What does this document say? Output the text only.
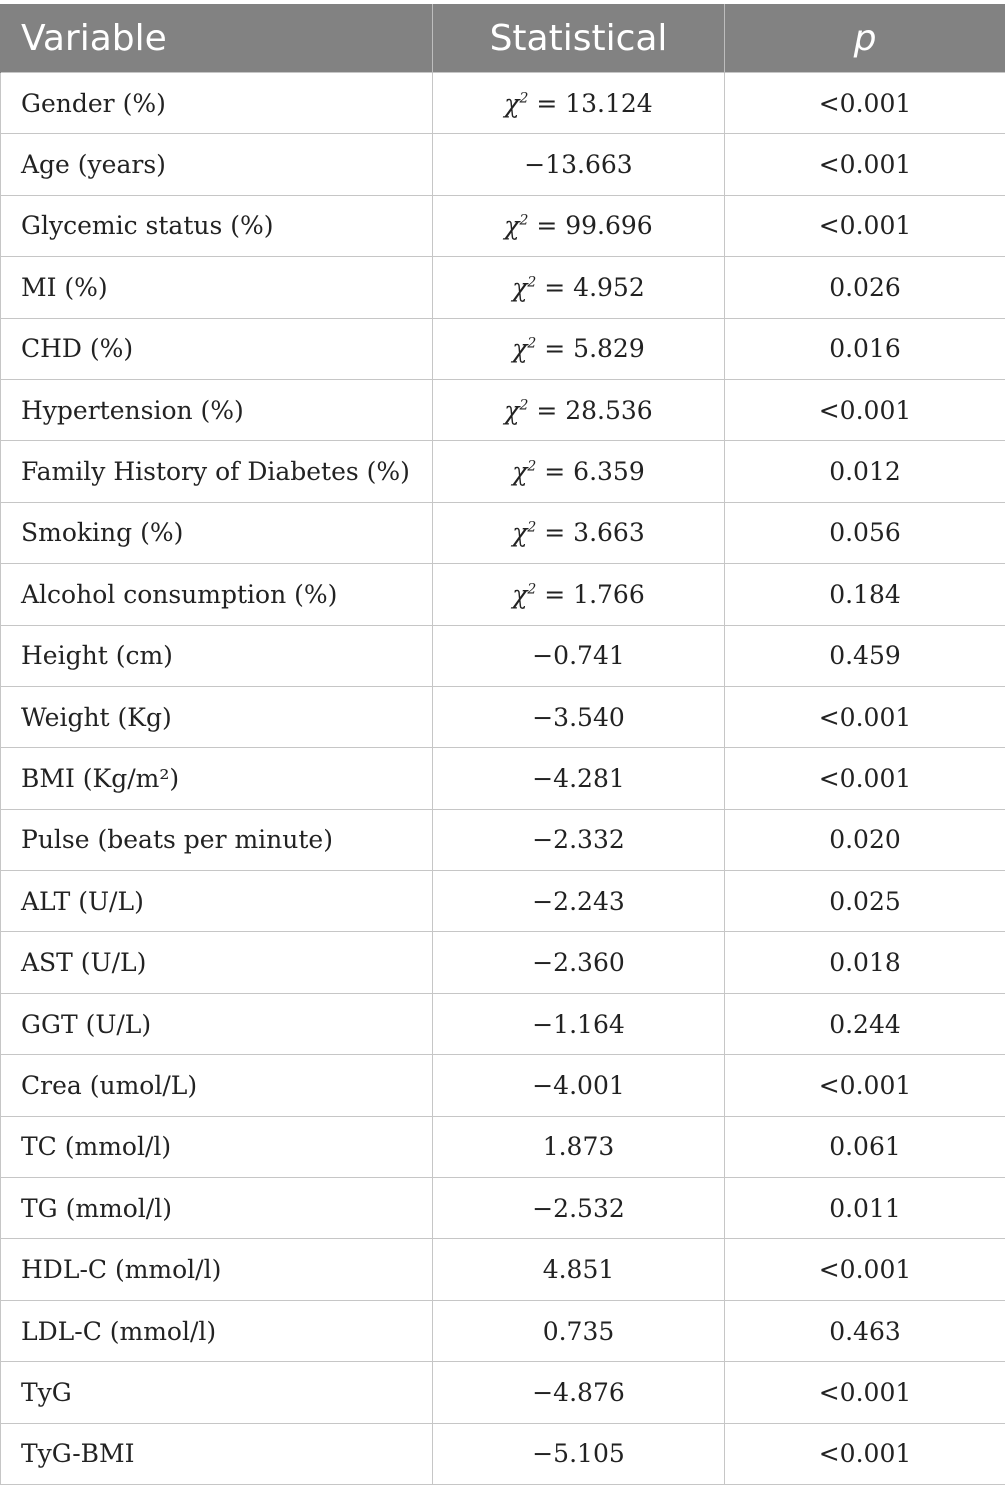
Variable	Statistical	p
Gender (%)	$\chi^2 = 13.124$	<0.001
Age (years)	−13.663	<0.001
Glycemic status (%)	$\chi^2 = 99.696$	<0.001
MI (%)	$\chi^2 = 4.952$	0.026
CHD (%)	$\chi^2 = 5.829$	0.016
Hypertension (%)	$\chi^2 = 28.536$	<0.001
Family History of Diabetes (%)	$\chi^2 = 6.359$	0.012
Smoking (%)	$\chi^2 = 3.663$	0.056
Alcohol consumption (%)	$\chi^2 = 1.766$	0.184
Height (cm)	−0.741	0.459
Weight (Kg)	−3.540	<0.001
BMI (Kg/m²)	−4.281	<0.001
Pulse (beats per minute)	−2.332	0.020
ALT (U/L)	−2.243	0.025
AST (U/L)	−2.360	0.018
GGT (U/L)	−1.164	0.244
Crea (umol/L)	−4.001	<0.001
TC (mmol/l)	1.873	0.061
TG (mmol/l)	−2.532	0.011
HDL-C (mmol/l)	4.851	<0.001
LDL-C (mmol/l)	0.735	0.463
TyG	−4.876	<0.001
TyG-BMI	−5.105	<0.001
